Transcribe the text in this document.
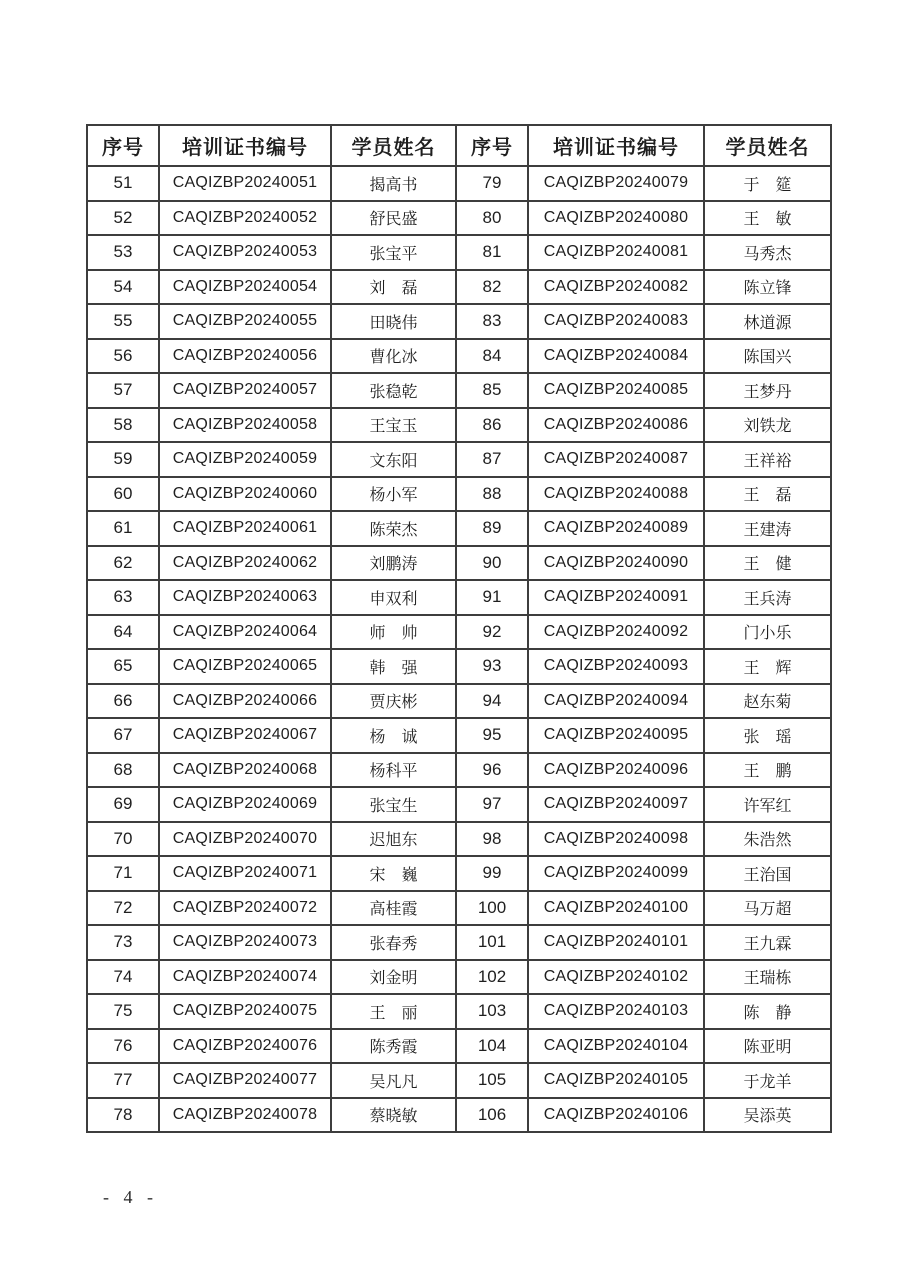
序号	培训证书编号	学员姓名	序号	培训证书编号	学员姓名
51	CAQIZBP20240051	揭高书	79	CAQIZBP20240079	于　筵
52	CAQIZBP20240052	舒民盛	80	CAQIZBP20240080	王　敏
53	CAQIZBP20240053	张宝平	81	CAQIZBP20240081	马秀杰
54	CAQIZBP20240054	刘　磊	82	CAQIZBP20240082	陈立锋
55	CAQIZBP20240055	田晓伟	83	CAQIZBP20240083	林道源
56	CAQIZBP20240056	曹化冰	84	CAQIZBP20240084	陈国兴
57	CAQIZBP20240057	张稳乾	85	CAQIZBP20240085	王梦丹
58	CAQIZBP20240058	王宝玉	86	CAQIZBP20240086	刘铁龙
59	CAQIZBP20240059	文东阳	87	CAQIZBP20240087	王祥裕
60	CAQIZBP20240060	杨小军	88	CAQIZBP20240088	王　磊
61	CAQIZBP20240061	陈荣杰	89	CAQIZBP20240089	王建涛
62	CAQIZBP20240062	刘鹏涛	90	CAQIZBP20240090	王　健
63	CAQIZBP20240063	申双利	91	CAQIZBP20240091	王兵涛
64	CAQIZBP20240064	师　帅	92	CAQIZBP20240092	门小乐
65	CAQIZBP20240065	韩　强	93	CAQIZBP20240093	王　辉
66	CAQIZBP20240066	贾庆彬	94	CAQIZBP20240094	赵东菊
67	CAQIZBP20240067	杨　诚	95	CAQIZBP20240095	张　瑶
68	CAQIZBP20240068	杨科平	96	CAQIZBP20240096	王　鹏
69	CAQIZBP20240069	张宝生	97	CAQIZBP20240097	许军红
70	CAQIZBP20240070	迟旭东	98	CAQIZBP20240098	朱浩然
71	CAQIZBP20240071	宋　巍	99	CAQIZBP20240099	王治国
72	CAQIZBP20240072	高桂霞	100	CAQIZBP20240100	马万超
73	CAQIZBP20240073	张春秀	101	CAQIZBP20240101	王九霖
74	CAQIZBP20240074	刘金明	102	CAQIZBP20240102	王瑞栋
75	CAQIZBP20240075	王　丽	103	CAQIZBP20240103	陈　静
76	CAQIZBP20240076	陈秀霞	104	CAQIZBP20240104	陈亚明
77	CAQIZBP20240077	吴凡凡	105	CAQIZBP20240105	于龙羊
78	CAQIZBP20240078	蔡晓敏	106	CAQIZBP20240106	吴添英
- 4 -
